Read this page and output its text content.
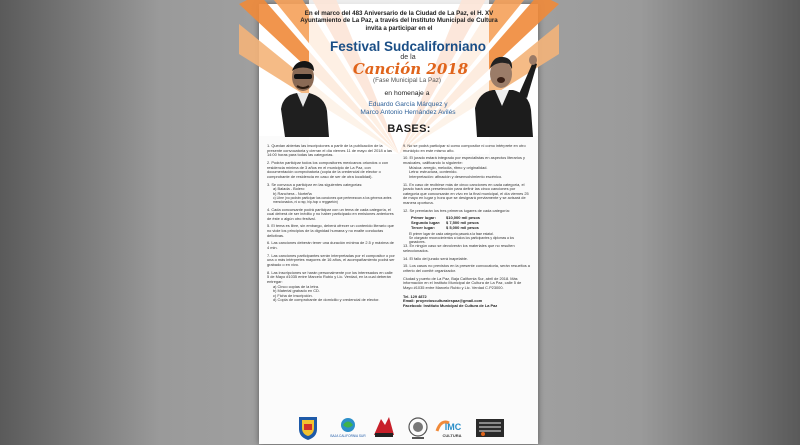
En el marco del 483 Aniversario de la Ciudad de La Paz, el H. XV Ayuntamiento de La Paz, a través del Instituto Municipal de Cultura invita a participar en el
Festival Sudcaliforniano
de la
Canción 2018
(Fase Municipal La Paz)
en homenaje a
Eduardo García Márquez y
Marco Antonio Hernández Avilés
BASES:

1. Quedan abiertas las inscripciones a partir de la publicación de la presente convocatoria y cierran el día viernes 11 de mayo del 2018 a las 14:00 horas para todas las categorías.

2. Podrán participar todos los compositores mexicanos oriundos o con residencia mínima de 3 años en el municipio de La Paz, con documentación comprobatoria (copia de la credencial de elector o comprobante de residencia en caso de ser de otra localidad).

3. Se convoca a participar en las siguientes categorías:
a) Balada - Bolero
b) Ranchera - Norteña
c) Libre (no podrán participar las canciones que pertenezcan a los géneros antes mencionados, ni a rap, hip-hop o reggaetón)

4. Cada concursante podrá participar con un tema de cada categoría, el cual deberá de ser inédito y no haber participado en emisiones anteriores de éste o algún otro festival.

5. El tema es libre, sin embargo, deberá ofrecer un contenido literario que no viole los principios de la dignidad humana y no exalte conductas delictivas.

6. Las canciones deberán tener una duración mínima de 2.5 y máxima de 4 min.

7. Las canciones participantes serán interpretadas por el compositor o por una o más intérpretes mayores de 16 años, el acompañamiento podrá ser grabado o en vivo.

8. Las inscripciones se harán personalmente por los interesados en calle 5 de Mayo #1035 entre Marcelo Rubio y Lic. Verdad, en la cual deberán entregar:
a) Cinco copias de la letra.
b) Material grabado en CD.
c) Ficha de inscripción.
d) Copia de comprobante de domicilio y credencial de elector.

9. No se podrá participar si como compositor ni como intérprete en otro municipio en este mismo año.

10. El jurado estará integrado por especialistas en aspectos literarios y musicales, calificando lo siguiente:
Música: arreglo, melodía, ritmo y originalidad.
Letra: estructura, contenido.
Interpretación: afinación y desenvolvimiento escénico.

11. En caso de recibirse más de cinco canciones en cada categoría, el jurado hará una preselección para definir las cinco canciones por categoría que concursarán en vivo en la final municipal, el día viernes 25 de mayo en lugar y hora que se designará previamente y se avisará de manera oportuna.

12. Se premiarán los tres primeros lugares de cada categoría:

Primer lugar:	$10,000 mil pesos
Segundo lugar:	$ 7,500 mil pesos
Tercer lugar:	$ 5,000 mil pesos

El primer lugar de cada categoría pasará a la fase estatal.

Se otorgarán reconocimientos a todos los participantes y diplomas a los ganadores.

13. En ningún caso se devolverán los materiales que no resulten seleccionados.

14. El fallo del jurado será inapelable.

15. Los casos no previstos en la presente convocatoria, serán resueltos a criterio del comité organizador.

Ciudad y puerto de La Paz, Baja California Sur, abril de 2018. Más información en el Instituto Municipal de Cultura de La Paz, calle 5 de Mayo #1035 entre Marcelo Rubio y Lic. Verdad C.P23000.

Tel. 129 4872
Email: proyectosculturalespaz@gmail.com
Facebook: Instituto Municipal de Cultura de La Paz
BAJA CALIFORNIA SUR
IMC
CULTURA
